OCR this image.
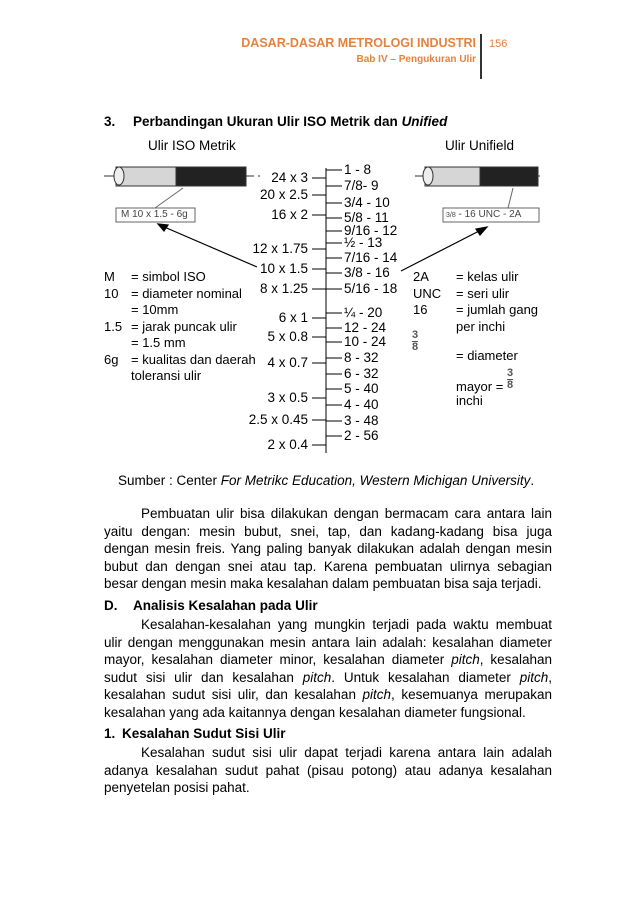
DASAR-DASAR METROLOGI INDUSTRI
Bab IV – Pengukuran Ulir
156
3. Perbandingan Ukuran Ulir ISO Metrik dan Unified
Ulir ISO Metrik	Ulir Unifield
M 10 x 1.5 - 6g	3/8 - 16 UNC - 2A
24 x 3
20 x 2.5
16 x 2
12 x 1.75
10 x 1.5
8 x 1.25
6 x 1
5 x 0.8
4 x 0.7
3 x 0.5
2.5 x 0.45
2 x 0.4
1 - 8
7/8- 9
3/4 - 10
5/8 - 11
9/16 - 12
½ - 13
7/16 - 14
3/8 - 16
5/16 - 18
¼ - 20
12 - 24
10 - 24
8 - 32
6 - 32
5 - 40
4 - 40
3 - 48
2 - 56
M = simbol ISO
10 = diameter nominal
= 10mm
1.5 = jarak puncak ulir
= 1.5 mm
6g = kualitas dan daerah
toleransi ulir
2A = kelas ulir
UNC = seri ulir
16 = jumlah gang
per inchi
$\frac{3}{8}$
= diameter
mayor = $\frac{3}{8}$
inchi
Sumber : Center For Metrikc Education, Western Michigan University.
Pembuatan ulir bisa dilakukan dengan bermacam cara antara lain yaitu dengan: mesin bubut, snei, tap, dan kadang-kadang bisa juga dengan mesin freis. Yang paling banyak dilakukan adalah dengan mesin bubut dan dengan snei atau tap. Karena pembuatan ulirnya sebagian besar dengan mesin maka kesalahan dalam pembuatan bisa saja terjadi.
D. Analisis Kesalahan pada Ulir
Kesalahan-kesalahan yang mungkin terjadi pada waktu membuat ulir dengan menggunakan mesin antara lain adalah: kesalahan diameter mayor, kesalahan diameter minor, kesalahan diameter pitch, kesalahan sudut sisi ulir dan kesalahan pitch. Untuk kesalahan diameter pitch, kesalahan sudut sisi ulir, dan kesalahan pitch, kesemuanya merupakan kesalahan yang ada kaitannya dengan kesalahan diameter fungsional.
1. Kesalahan Sudut Sisi Ulir
Kesalahan sudut sisi ulir dapat terjadi karena antara lain adalah adanya kesalahan sudut pahat (pisau potong) atau adanya kesalahan penyetelan posisi pahat.
